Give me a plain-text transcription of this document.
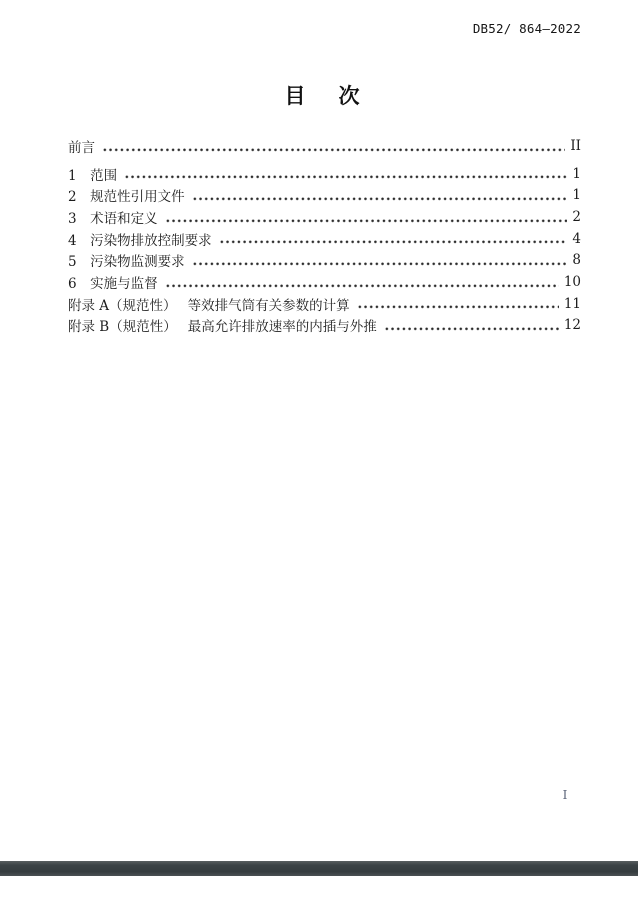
DB52/ 864—2022
目　次
前言	II
1　范围	1
2　规范性引用文件	1
3　术语和定义	2
4　污染物排放控制要求	4
5　污染物监测要求	8
6　实施与监督	10
附录 A（规范性）　 等效排气筒有关参数的计算	11
附录 B（规范性）　 最高允许排放速率的内插与外推	12
I
